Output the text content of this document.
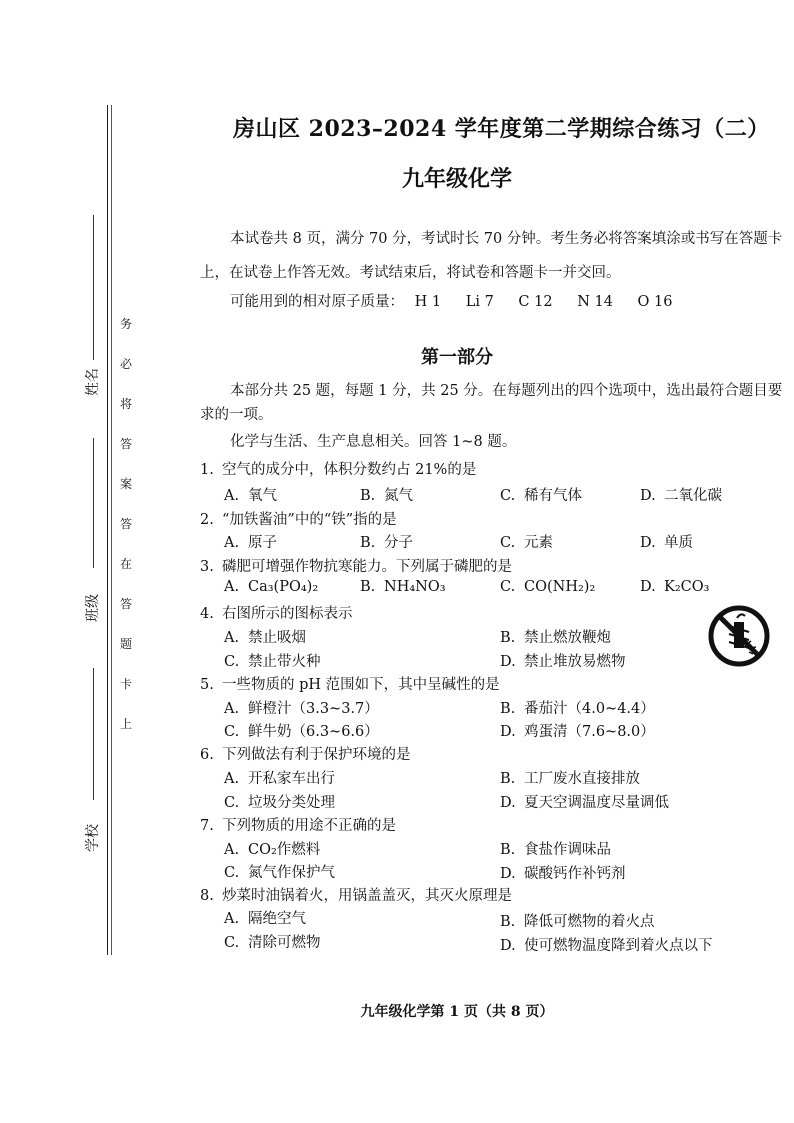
姓名
班级
学校
务
必
将
答
案
答
在
答
题
卡
上
房山区 2023–2024 学年度第二学期综合练习（二）
九年级化学
本试卷共 8 页，满分 70 分，考试时长 70 分钟。考生务必将答案填涂或书写在答题卡上，在试卷上作答无效。考试结束后，将试卷和答题卡一并交回。
可能用到的相对原子质量： H 1 Li 7 C 12 N 14 O 16
第一部分
本部分共 25 题，每题 1 分，共 25 分。在每题列出的四个选项中，选出最符合题目要求的一项。
化学与生活、生产息息相关。回答 1~8 题。
1. 空气的成分中，体积分数约占 21%的是
A. 氧气	B. 氮气	C. 稀有气体	D. 二氧化碳
2. “加铁酱油”中的“铁”指的是
A. 原子	B. 分子	C. 元素	D. 单质
3. 磷肥可增强作物抗寒能力。下列属于磷肥的是
A. Ca₃(PO₄)₂	B. NH₄NO₃	C. CO(NH₂)₂	D. K₂CO₃
4. 右图所示的图标表示
A. 禁止吸烟	B. 禁止燃放鞭炮
C. 禁止带火种	D. 禁止堆放易燃物
5. 一些物质的 pH 范围如下，其中呈碱性的是
A. 鲜橙汁（3.3~3.7）	B. 番茄汁（4.0~4.4）
C. 鲜牛奶（6.3~6.6）	D. 鸡蛋清（7.6~8.0）
6. 下列做法有利于保护环境的是
A. 开私家车出行	B. 工厂废水直接排放
C. 垃圾分类处理	D. 夏天空调温度尽量调低
7. 下列物质的用途不正确的是
A. CO₂作燃料	B. 食盐作调味品
C. 氮气作保护气	D. 碳酸钙作补钙剂
8. 炒菜时油锅着火，用锅盖盖灭，其灭火原理是
A. 隔绝空气	B. 降低可燃物的着火点
C. 清除可燃物	D. 使可燃物温度降到着火点以下
九年级化学第 1 页（共 8 页）
